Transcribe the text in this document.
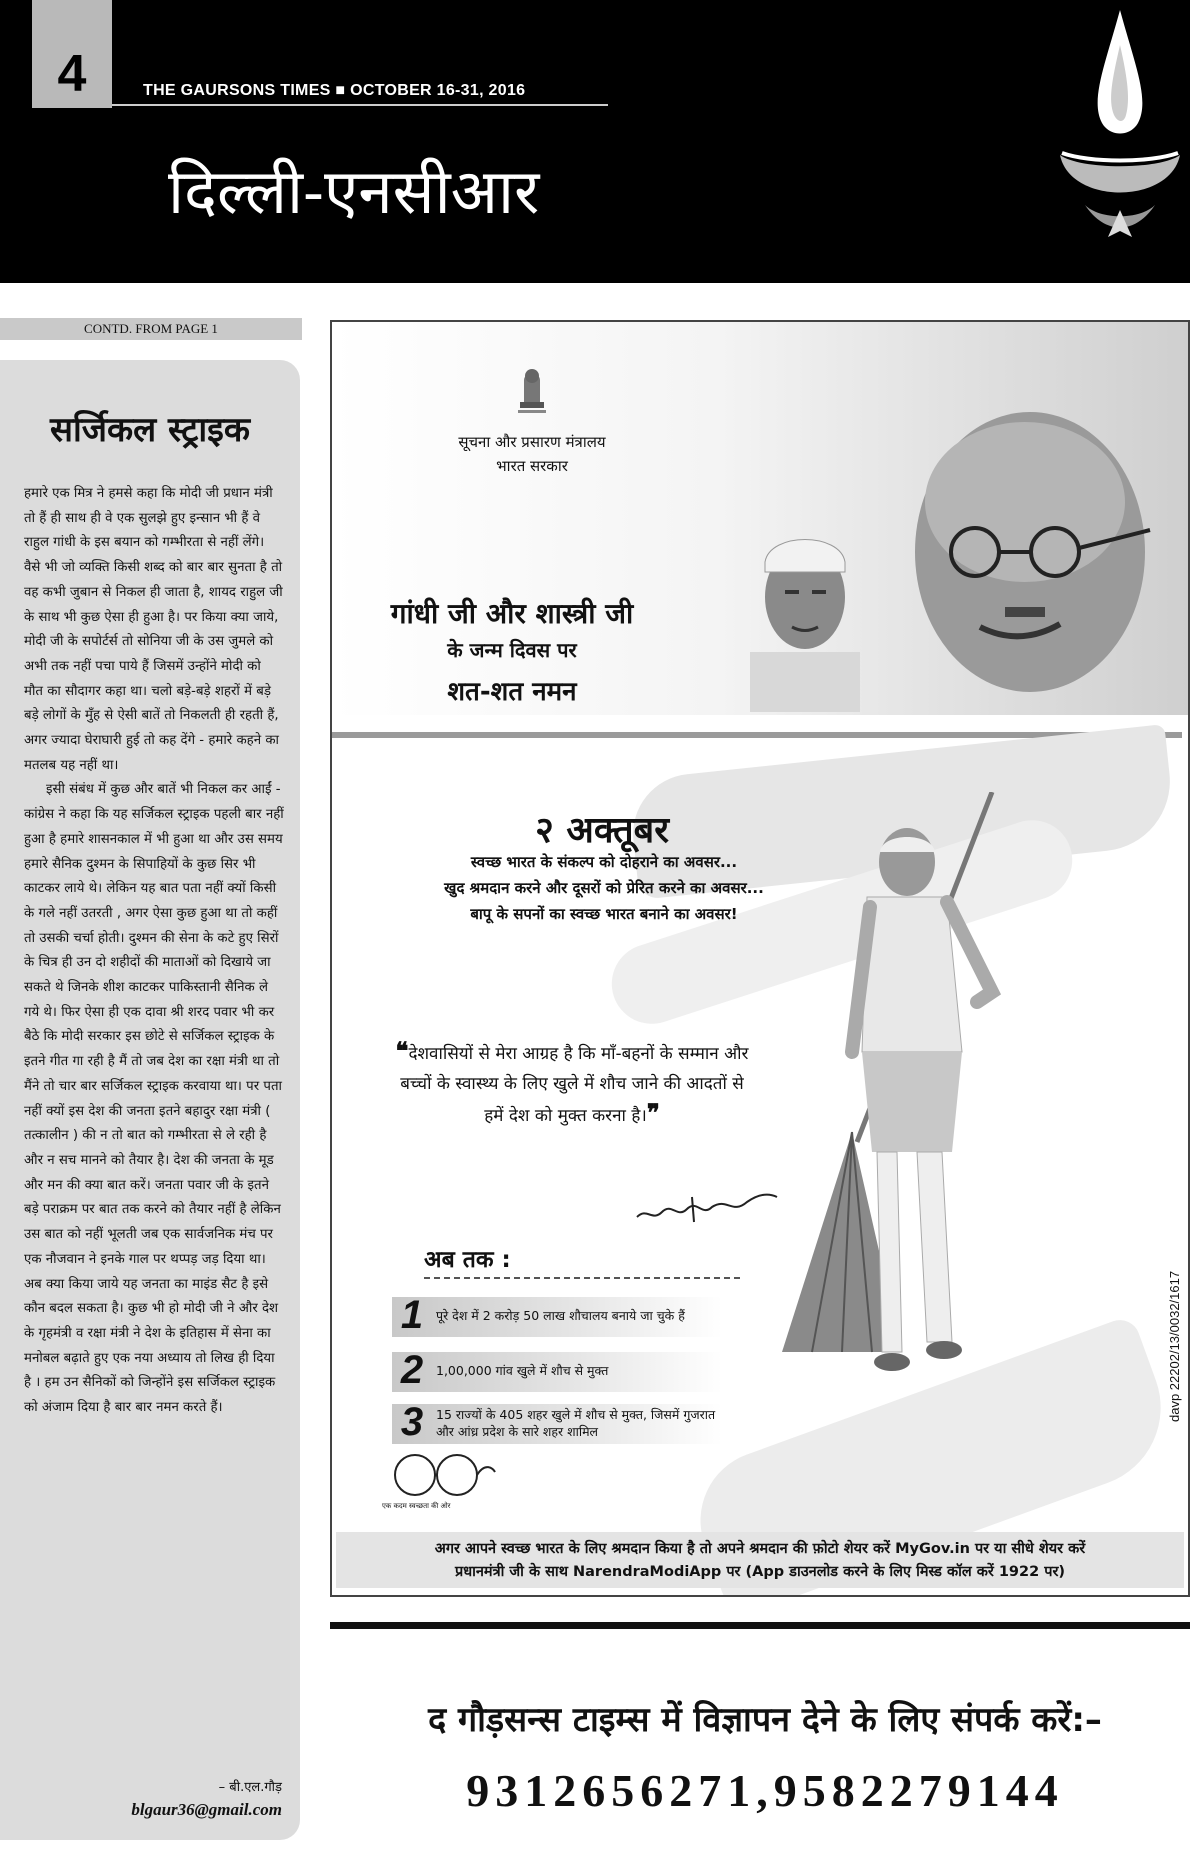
4	THE GAURSONS TIMES ■ OCTOBER 16-31, 2016
दिल्ली-एनसीआर
CONTD. FROM PAGE 1
सर्जिकल स्ट्राइक

हमारे एक मित्र ने हमसे कहा कि मोदी जी प्रधान मंत्री तो हैं ही साथ ही वे एक सुलझे हुए इन्सान भी हैं वे राहुल गांधी के इस बयान को गम्भीरता से नहीं लेंगे। वैसे भी जो व्यक्ति किसी शब्द को बार बार सुनता है तो वह कभी जुबान से निकल ही जाता है, शायद राहुल जी के साथ भी कुछ ऐसा ही हुआ है। पर किया क्या जाये, मोदी जी के सपोर्टर्स तो सोनिया जी के उस जुमले को अभी तक नहीं पचा पाये हैं जिसमें उन्होंने मोदी को मौत का सौदागर कहा था। चलो बड़े-बड़े शहरों में बड़े बड़े लोगों के मुँह से ऐसी बातें तो निकलती ही रहती हैं, अगर ज्यादा घेराघारी हुई तो कह देंगे - हमारे कहने का मतलब यह नहीं था।

इसी संबंध में कुछ और बातें भी निकल कर आईं - कांग्रेस ने कहा कि यह सर्जिकल स्ट्राइक पहली बार नहीं हुआ है हमारे शासनकाल में भी हुआ था और उस समय हमारे सैनिक दुश्मन के सिपाहियों के कुछ सिर भी काटकर लाये थे। लेकिन यह बात पता नहीं क्यों किसी के गले नहीं उतरती , अगर ऐसा कुछ हुआ था तो कहीं तो उसकी चर्चा होती। दुश्मन की सेना के कटे हुए सिरों के चित्र ही उन दो शहीदों की माताओं को दिखाये जा सकते थे जिनके शीश काटकर पाकिस्तानी सैनिक ले गये थे। फिर ऐसा ही एक दावा श्री शरद पवार भी कर बैठे कि मोदी सरकार इस छोटे से सर्जिकल स्ट्राइक के इतने गीत गा रही है मैं तो जब देश का रक्षा मंत्री था तो मैंने तो चार बार सर्जिकल स्ट्राइक करवाया था। पर पता नहीं क्यों इस देश की जनता इतने बहादुर रक्षा मंत्री ( तत्कालीन ) की न तो बात को गम्भीरता से ले रही है और न सच मानने को तैयार है। देश की जनता के मूड और मन की क्या बात करें। जनता पवार जी के इतने बड़े पराक्रम पर बात तक करने को तैयार नहीं है लेकिन उस बात को नहीं भूलती जब एक सार्वजनिक मंच पर एक नौजवान ने इनके गाल पर थप्पड़ जड़ दिया था। अब क्या किया जाये यह जनता का माइंड सैट है इसे कौन बदल सकता है। कुछ भी हो मोदी जी ने और देश के गृहमंत्री व रक्षा मंत्री ने देश के इतिहास में सेना का मनोबल बढ़ाते हुए एक नया अध्याय तो लिख ही दिया है । हम उन सैनिकों को जिन्होंने इस सर्जिकल स्ट्राइक को अंजाम दिया है बार बार नमन करते हैं।

– बी.एल.गौड़
blgaur36@gmail.com
सूचना और प्रसारण मंत्रालय
भारत सरकार
गांधी जी और शास्त्री जी
के जन्म दिवस पर
शत-शत नमन
२ अक्तूबर
स्वच्छ भारत के संकल्प को दोहराने का अवसर...
खुद श्रमदान करने और दूसरों को प्रेरित करने का अवसर...
बापू के सपनों का स्वच्छ भारत बनाने का अवसर!
❝देशवासियों से मेरा आग्रह है कि माँ-बहनों के सम्मान और बच्चों के स्वास्थ्य के लिए खुले में शौच जाने की आदतों से हमें देश को मुक्त करना है।❞
अब तक :
1	पूरे देश में 2 करोड़ 50 लाख शौचालय बनाये जा चुके हैं
2	1,00,000 गांव खुले में शौच से मुक्त
3	15 राज्यों के 405 शहर खुले में शौच से मुक्त, जिसमें गुजरात और आंध्र प्रदेश के सारे शहर शामिल
एक कदम स्वच्छता की ओर
davp 22202/13/0032/1617
अगर आपने स्वच्छ भारत के लिए श्रमदान किया है तो अपने श्रमदान की फ़ोटो शेयर करें MyGov.in पर या सीधे शेयर करें
प्रधानमंत्री जी के साथ NarendraModiApp पर (App डाउनलोड करने के लिए मिस्ड कॉल करें 1922 पर)
द गौड़सन्स टाइम्स में विज्ञापन देने के लिए संपर्क करें:–
9312656271,9582279144
